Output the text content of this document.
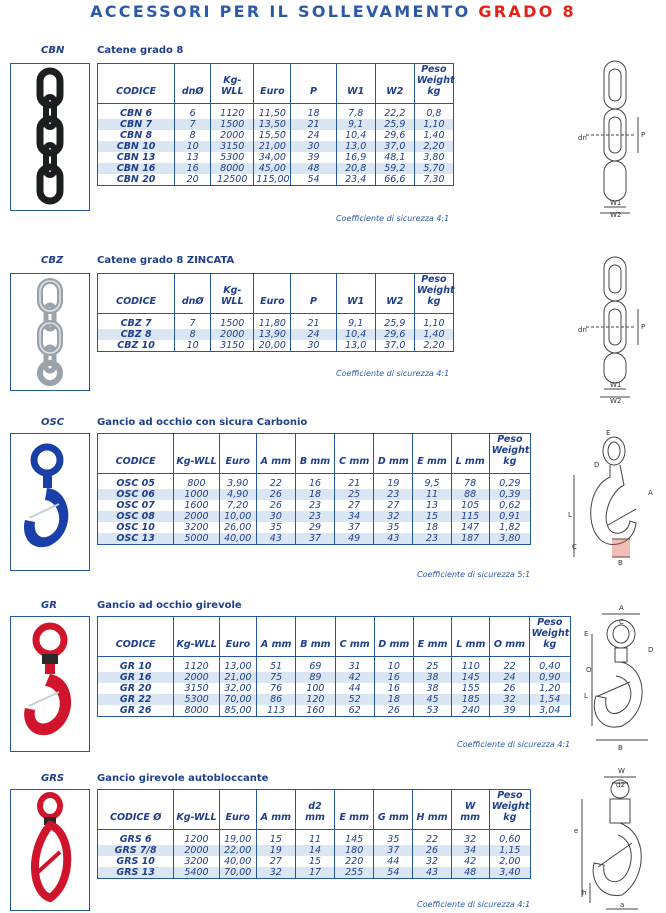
ACCESSORI PER IL SOLLEVAMENTO GRADO 8
CBN	Catene grado 8
CODICE	dnØ	Kg-WLL	Euro	P	W1	W2	Peso Weight kg

CBN 6	6	1120	11,50	18	7,8	22,2	0,8
CBN 7	7	1500	13,50	21	9,1	25,9	1,10
CBN 8	8	2000	15,50	24	10,4	29,6	1,40
CBN 10	10	3150	21,00	30	13,0	37,0	2,20
CBN 13	13	5300	34,00	39	16,9	48,1	3,80
CBN 16	16	8000	45,00	48	20,8	59,2	5,70
CBN 20	20	12500	115,00	54	23,4	66,6	7,30
Coefficiente di sicurezza 4:1
dn	P
W1
W2
CBZ	Catene grado 8 ZINCATA
CODICE	dnØ	Kg-WLL	Euro	P	W1	W2	Peso Weight kg

CBZ 7	7	1500	11,80	21	9,1	25,9	1,10
CBZ 8	8	2000	13,90	24	10,4	29,6	1,40
CBZ 10	10	3150	20,00	30	13,0	37,0	2,20
Coefficiente di sicurezza 4:1
dn	P
W1
W2
OSC	Gancio ad occhio con sicura Carbonio
CODICE	Kg-WLL	Euro	A mm	B mm	C mm	D mm	E mm	L mm	Peso Weight kg

OSC 05	800	3,90	22	16	21	19	9,5	78	0,29
OSC 06	1000	4,90	26	18	25	23	11	88	0,39
OSC 07	1600	7,20	26	23	27	27	13	105	0,62
OSC 08	2000	10,00	30	23	34	32	15	115	0,91
OSC 10	3200	26,00	35	29	37	35	18	147	1,82
OSC 13	5000	40,00	43	37	49	43	23	187	3,80
Coefficiente di sicurezza 5:1
E
D
A
L
C
B
GR	Gancio ad occhio girevole
CODICE	Kg-WLL	Euro	A mm	B mm	C mm	D mm	E mm	L mm	O mm	Peso Weight kg

GR 10	1120	13,00	51	69	31	10	25	110	22	0,40
GR 16	2000	21,00	75	89	42	16	38	145	24	0,90
GR 20	3150	32,00	76	100	44	16	38	155	26	1,20
GR 22	5300	70,00	86	120	52	18	45	185	32	1,54
GR 26	8000	85,00	113	160	62	26	53	240	39	3,04
Coefficiente di sicurezza 4:1
A
C
E
D
O
L
B
GRS	Gancio girevole autobloccante
CODICE Ø	Kg-WLL	Euro	A mm	d2 mm	E mm	G mm	H mm	W mm	Peso Weight kg

GRS 6	1200	19,00	15	11	145	35	22	32	0,60
GRS 7/8	2000	22,00	19	14	180	37	26	34	1,15
GRS 10	3200	40,00	27	15	220	44	32	42	2,00
GRS 13	5400	70,00	32	17	255	54	43	48	3,40
Coefficiente di sicurezza 4:1
W
d2
e
h
a
